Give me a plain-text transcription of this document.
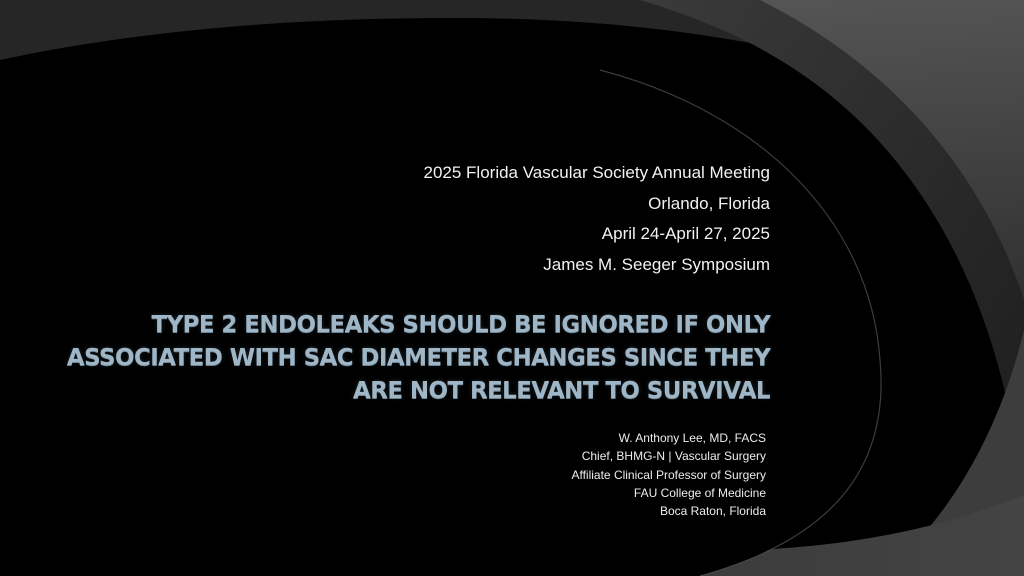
2025 Florida Vascular Society Annual Meeting
Orlando, Florida
April 24-April 27, 2025
James M. Seeger Symposium
TYPE 2 ENDOLEAKS SHOULD BE IGNORED IF ONLY
ASSOCIATED WITH SAC DIAMETER CHANGES SINCE THEY
ARE NOT RELEVANT TO SURVIVAL
W. Anthony Lee, MD, FACS
Chief, BHMG-N | Vascular Surgery
Affiliate Clinical Professor of Surgery
FAU College of Medicine
Boca Raton, Florida
